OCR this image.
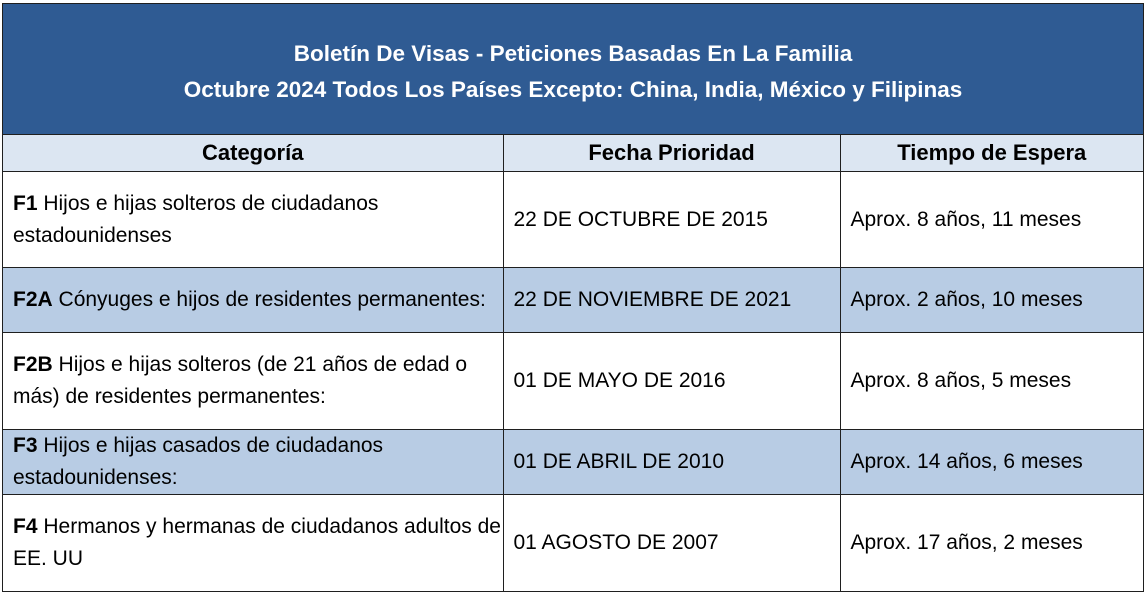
Boletín De Visas - Peticiones Basadas En La Familia
Octubre 2024 Todos Los Países Excepto: China, India, México y Filipinas
Categoría	Fecha Prioridad	Tiempo de Espera
F1 Hijos e hijas solteros de ciudadanos estadounidenses	22 DE OCTUBRE DE 2015	Aprox. 8 años, 11 meses
F2A Cónyuges e hijos de residentes permanentes:	22 DE NOVIEMBRE DE 2021	Aprox. 2 años, 10 meses
F2B Hijos e hijas solteros (de 21 años de edad o más) de residentes permanentes:	01 DE MAYO DE 2016	Aprox. 8 años, 5 meses
F3 Hijos e hijas casados de ciudadanos estadounidenses:	01 DE ABRIL DE 2010	Aprox. 14 años, 6 meses
F4 Hermanos y hermanas de ciudadanos adultos de EE. UU	01 AGOSTO DE 2007	Aprox. 17 años, 2 meses
